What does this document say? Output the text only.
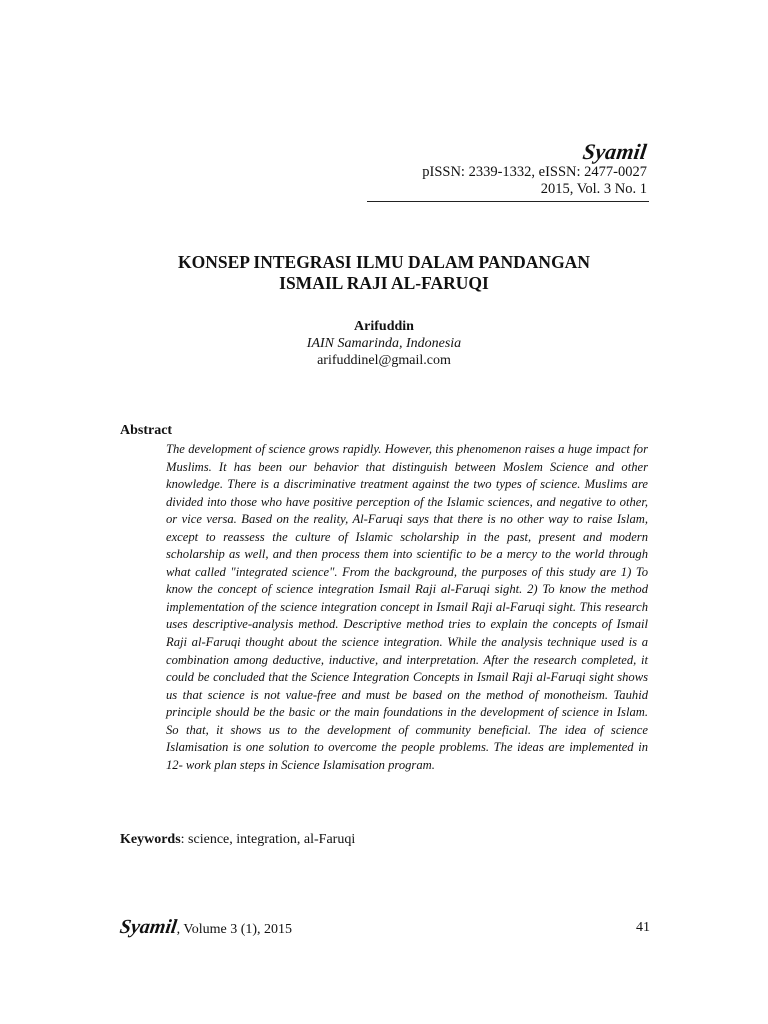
Syamil
pISSN: 2339-1332, eISSN: 2477-0027
2015, Vol. 3 No. 1
KONSEP INTEGRASI ILMU DALAM PANDANGAN
ISMAIL RAJI AL-FARUQI
Arifuddin
IAIN Samarinda, Indonesia
arifuddinel@gmail.com
Abstract

The development of science grows rapidly. However, this phenomenon raises a huge impact for Muslims. It has been our behavior that distinguish between Moslem Science and other knowledge. There is a discriminative treatment against the two types of science. Muslims are divided into those who have positive perception of the Islamic sciences, and negative to other, or vice versa. Based on the reality, Al-Faruqi says that there is no other way to raise Islam, except to reassess the culture of Islamic scholarship in the past, present and modern scholarship as well, and then process them into scientific to be a mercy to the world through what called "integrated science". From the background, the purposes of this study are 1) To know the concept of science integration Ismail Raji al-Faruqi sight. 2) To know the method implementation of the science integration concept in Ismail Raji al-Faruqi sight. This research uses descriptive-analysis method. Descriptive method tries to explain the concepts of Ismail Raji al-Faruqi thought about the science integration. While the analysis technique used is a combination among deductive, inductive, and interpretation. After the research completed, it could be concluded that the Science Integration Concepts in Ismail Raji al-Faruqi sight shows us that science is not value-free and must be based on the method of monotheism. Tauhid principle should be the basic or the main foundations in the development of science in Islam. So that, it shows us to the development of community beneficial. The idea of science Islamisation is one solution to overcome the people problems. The ideas are implemented in 12- work plan steps in Science Islamisation program.

Keywords: science, integration, al-Faruqi
Syamil, Volume 3 (1), 2015	41
